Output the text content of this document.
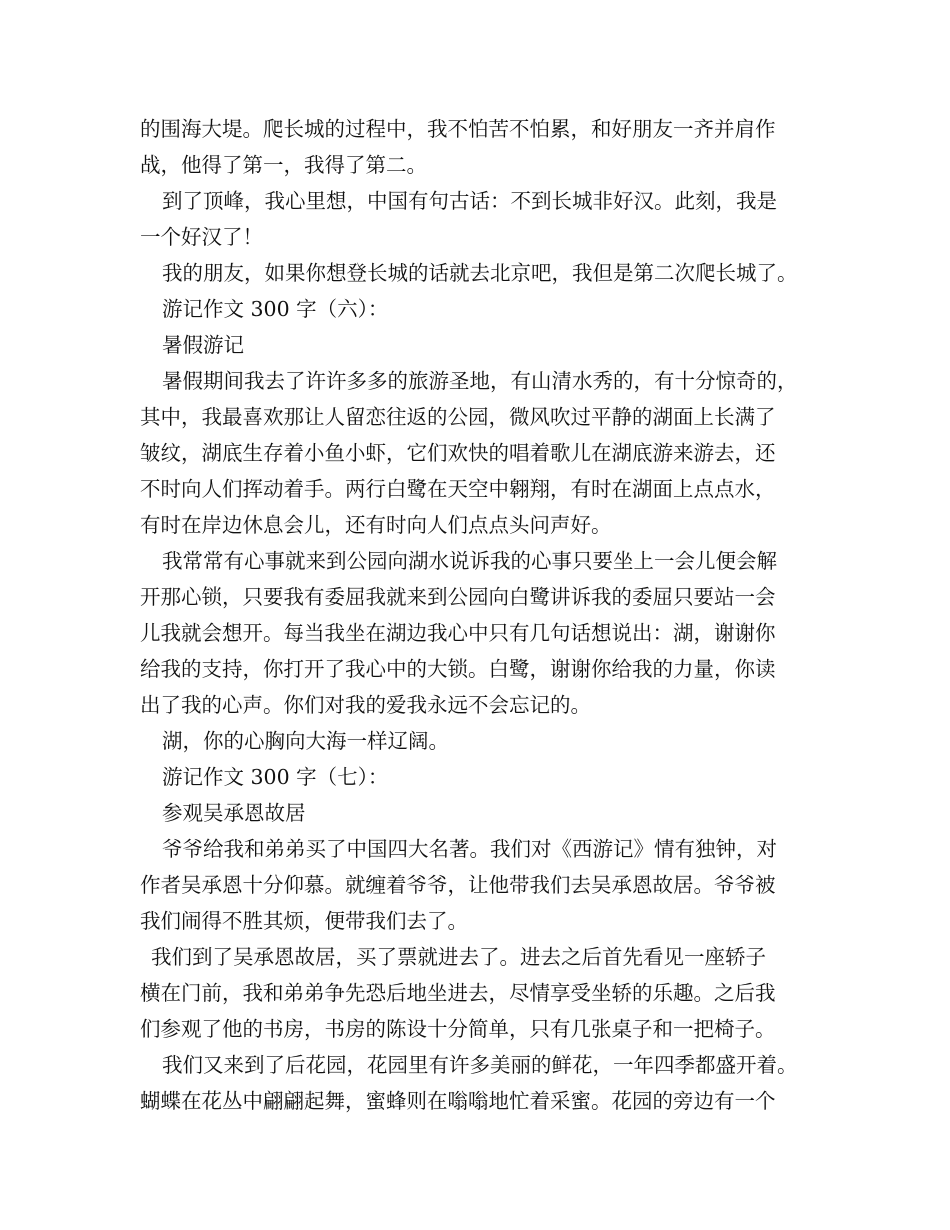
的围海大堤。爬长城的过程中，我不怕苦不怕累，和好朋友一齐并肩作

战，他得了第一，我得了第二。

到了顶峰，我心里想，中国有句古话：不到长城非好汉。此刻，我是

一个好汉了！

我的朋友，如果你想登长城的话就去北京吧，我但是第二次爬长城了。

游记作文 300 字（六）：

暑假游记

暑假期间我去了许许多多的旅游圣地，有山清水秀的，有十分惊奇的，

其中，我最喜欢那让人留恋往返的公园，微风吹过平静的湖面上长满了

皱纹，湖底生存着小鱼小虾，它们欢快的唱着歌儿在湖底游来游去，还

不时向人们挥动着手。两行白鹭在天空中翱翔，有时在湖面上点点水，

有时在岸边休息会儿，还有时向人们点点头问声好。

我常常有心事就来到公园向湖水说诉我的心事只要坐上一会儿便会解

开那心锁，只要我有委屈我就来到公园向白鹭讲诉我的委屈只要站一会

儿我就会想开。每当我坐在湖边我心中只有几句话想说出：湖，谢谢你

给我的支持，你打开了我心中的大锁。白鹭，谢谢你给我的力量，你读

出了我的心声。你们对我的爱我永远不会忘记的。

湖，你的心胸向大海一样辽阔。

游记作文 300 字（七）：

参观吴承恩故居

爷爷给我和弟弟买了中国四大名著。我们对《西游记》情有独钟，对

作者吴承恩十分仰慕。就缠着爷爷，让他带我们去吴承恩故居。爷爷被

我们闹得不胜其烦，便带我们去了。

我们到了吴承恩故居，买了票就进去了。进去之后首先看见一座轿子

横在门前，我和弟弟争先恐后地坐进去，尽情享受坐轿的乐趣。之后我

们参观了他的书房，书房的陈设十分简单，只有几张桌子和一把椅子。

我们又来到了后花园，花园里有许多美丽的鲜花，一年四季都盛开着。

蝴蝶在花丛中翩翩起舞，蜜蜂则在嗡嗡地忙着采蜜。花园的旁边有一个
